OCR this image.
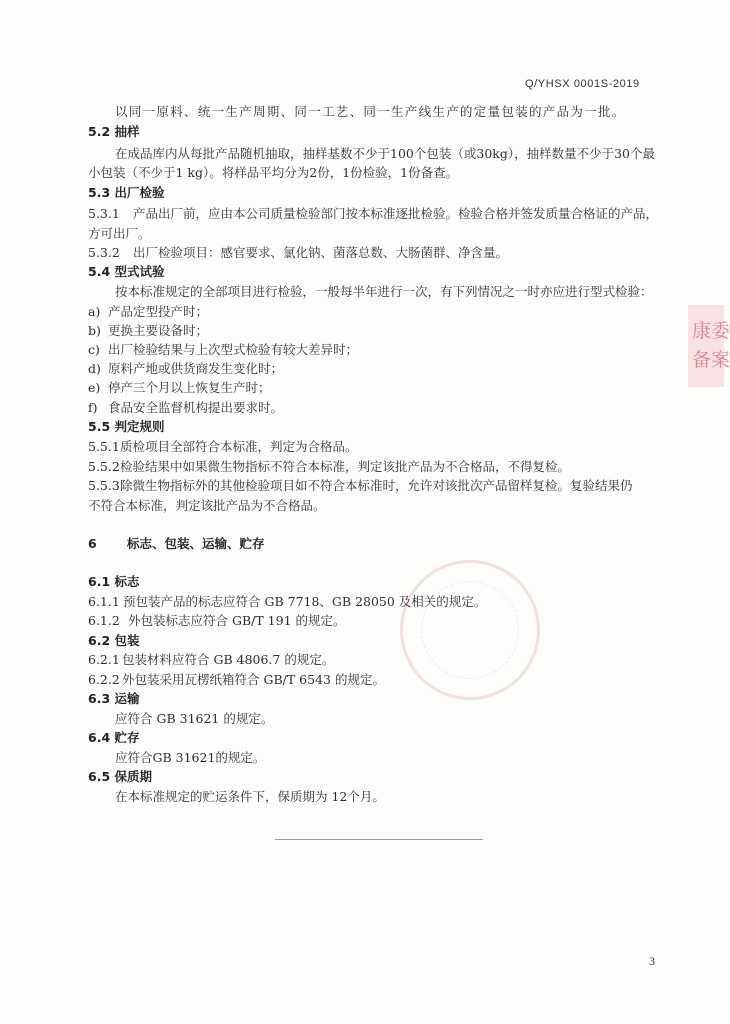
Q/YHSX 0001S-2019
以同一原料、统一生产周期、同一工艺、同一生产线生产的定量包装的产品为一批。
5.2 抽样
在成品库内从每批产品随机抽取，抽样基数不少于100个包装（或30kg），抽样数量不少于30个最
小包装（不少于1 kg）。将样品平均分为2份，1份检验，1份备查。
5.3 出厂检验
5.3.1 产品出厂前，应由本公司质量检验部门按本标准逐批检验。检验合格并签发质量合格证的产品，
方可出厂。
5.3.2 出厂检验项目：感官要求、氯化钠、菌落总数、大肠菌群、净含量。
5.4 型式试验
按本标准规定的全部项目进行检验，一般每半年进行一次，有下列情况之一时亦应进行型式检验：
a) 产品定型投产时；
b) 更换主要设备时；
c) 出厂检验结果与上次型式检验有较大差异时；
d) 原料产地或供货商发生变化时；
e) 停产三个月以上恢复生产时；
f) 食品安全监督机构提出要求时。
5.5 判定规则
5.5.1 质检项目全部符合本标准，判定为合格品。
5.5.2 检验结果中如果微生物指标不符合本标准，判定该批产品为不合格品，不得复检。
5.5.3 除微生物指标外的其他检验项目如不符合本标准时，允许对该批次产品留样复检。复验结果仍
不符合本标准，判定该批产品为不合格品。
6 标志、包装、运输、贮存
6.1 标志
6.1.1 预包装产品的标志应符合 GB 7718、GB 28050 及相关的规定。
6.1.2 外包装标志应符合 GB/T 191 的规定。
6.2 包装
6.2.1 包装材料应符合 GB 4806.7 的规定。
6.2.2 外包装采用瓦楞纸箱符合 GB/T 6543 的规定。
6.3 运输
应符合 GB 31621 的规定。
6.4 贮存
应符合GB 31621的规定。
6.5 保质期
在本标准规定的贮运条件下，保质期为 12个月。
3
康委
备案
